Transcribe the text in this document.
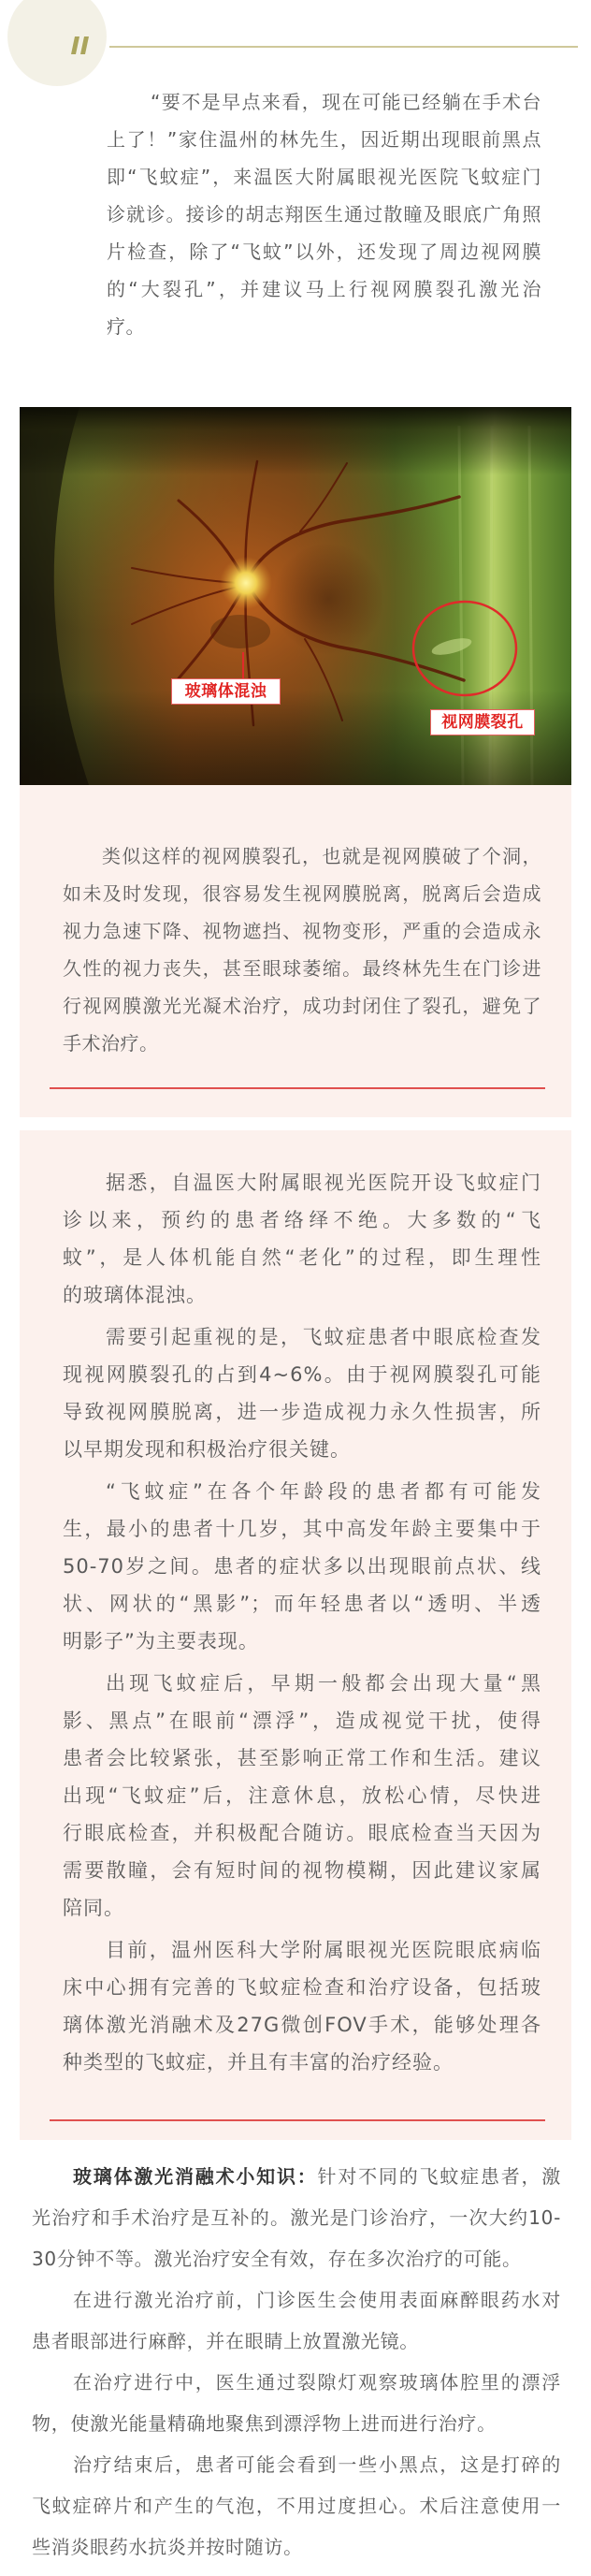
“要不是早点来看，现在可能已经躺在手术台
上了！”家住温州的林先生，因近期出现眼前黑点
即“飞蚊症”，来温医大附属眼视光医院飞蚊症门
诊就诊。接诊的胡志翔医生通过散瞳及眼底广角照
片检查，除了“飞蚊”以外，还发现了周边视网膜
的“大裂孔”，并建议马上行视网膜裂孔激光治
疗。
玻璃体混浊
视网膜裂孔
类似这样的视网膜裂孔，也就是视网膜破了个洞，
如未及时发现，很容易发生视网膜脱离，脱离后会造成
视力急速下降、视物遮挡、视物变形，严重的会造成永
久性的视力丧失，甚至眼球萎缩。最终林先生在门诊进
行视网膜激光光凝术治疗，成功封闭住了裂孔，避免了
手术治疗。
据悉，自温医大附属眼视光医院开设飞蚊症门
诊以来，预约的患者络绎不绝。大多数的“飞
蚊”，是人体机能自然“老化”的过程，即生理性
的玻璃体混浊。
需要引起重视的是，飞蚊症患者中眼底检查发
现视网膜裂孔的占到4~6%。由于视网膜裂孔可能
导致视网膜脱离，进一步造成视力永久性损害，所
以早期发现和积极治疗很关键。
“飞蚊症”在各个年龄段的患者都有可能发
生，最小的患者十几岁，其中高发年龄主要集中于
50-70岁之间。患者的症状多以出现眼前点状、线
状、网状的“黑影”；而年轻患者以“透明、半透
明影子”为主要表现。
出现飞蚊症后，早期一般都会出现大量“黑
影、黑点”在眼前“漂浮”，造成视觉干扰，使得
患者会比较紧张，甚至影响正常工作和生活。建议
出现“飞蚊症”后，注意休息，放松心情，尽快进
行眼底检查，并积极配合随访。眼底检查当天因为
需要散瞳，会有短时间的视物模糊，因此建议家属
陪同。
目前，温州医科大学附属眼视光医院眼底病临
床中心拥有完善的飞蚊症检查和治疗设备，包括玻
璃体激光消融术及27G微创FOV手术，能够处理各
种类型的飞蚊症，并且有丰富的治疗经验。
玻璃体激光消融术小知识：针对不同的飞蚊症患者，激
光治疗和手术治疗是互补的。激光是门诊治疗，一次大约10-
30分钟不等。激光治疗安全有效，存在多次治疗的可能。
在进行激光治疗前，门诊医生会使用表面麻醉眼药水对
患者眼部进行麻醉，并在眼睛上放置激光镜。
在治疗进行中，医生通过裂隙灯观察玻璃体腔里的漂浮
物，使激光能量精确地聚焦到漂浮物上进而进行治疗。
治疗结束后，患者可能会看到一些小黑点，这是打碎的
飞蚊症碎片和产生的气泡，不用过度担心。术后注意使用一
些消炎眼药水抗炎并按时随访。
